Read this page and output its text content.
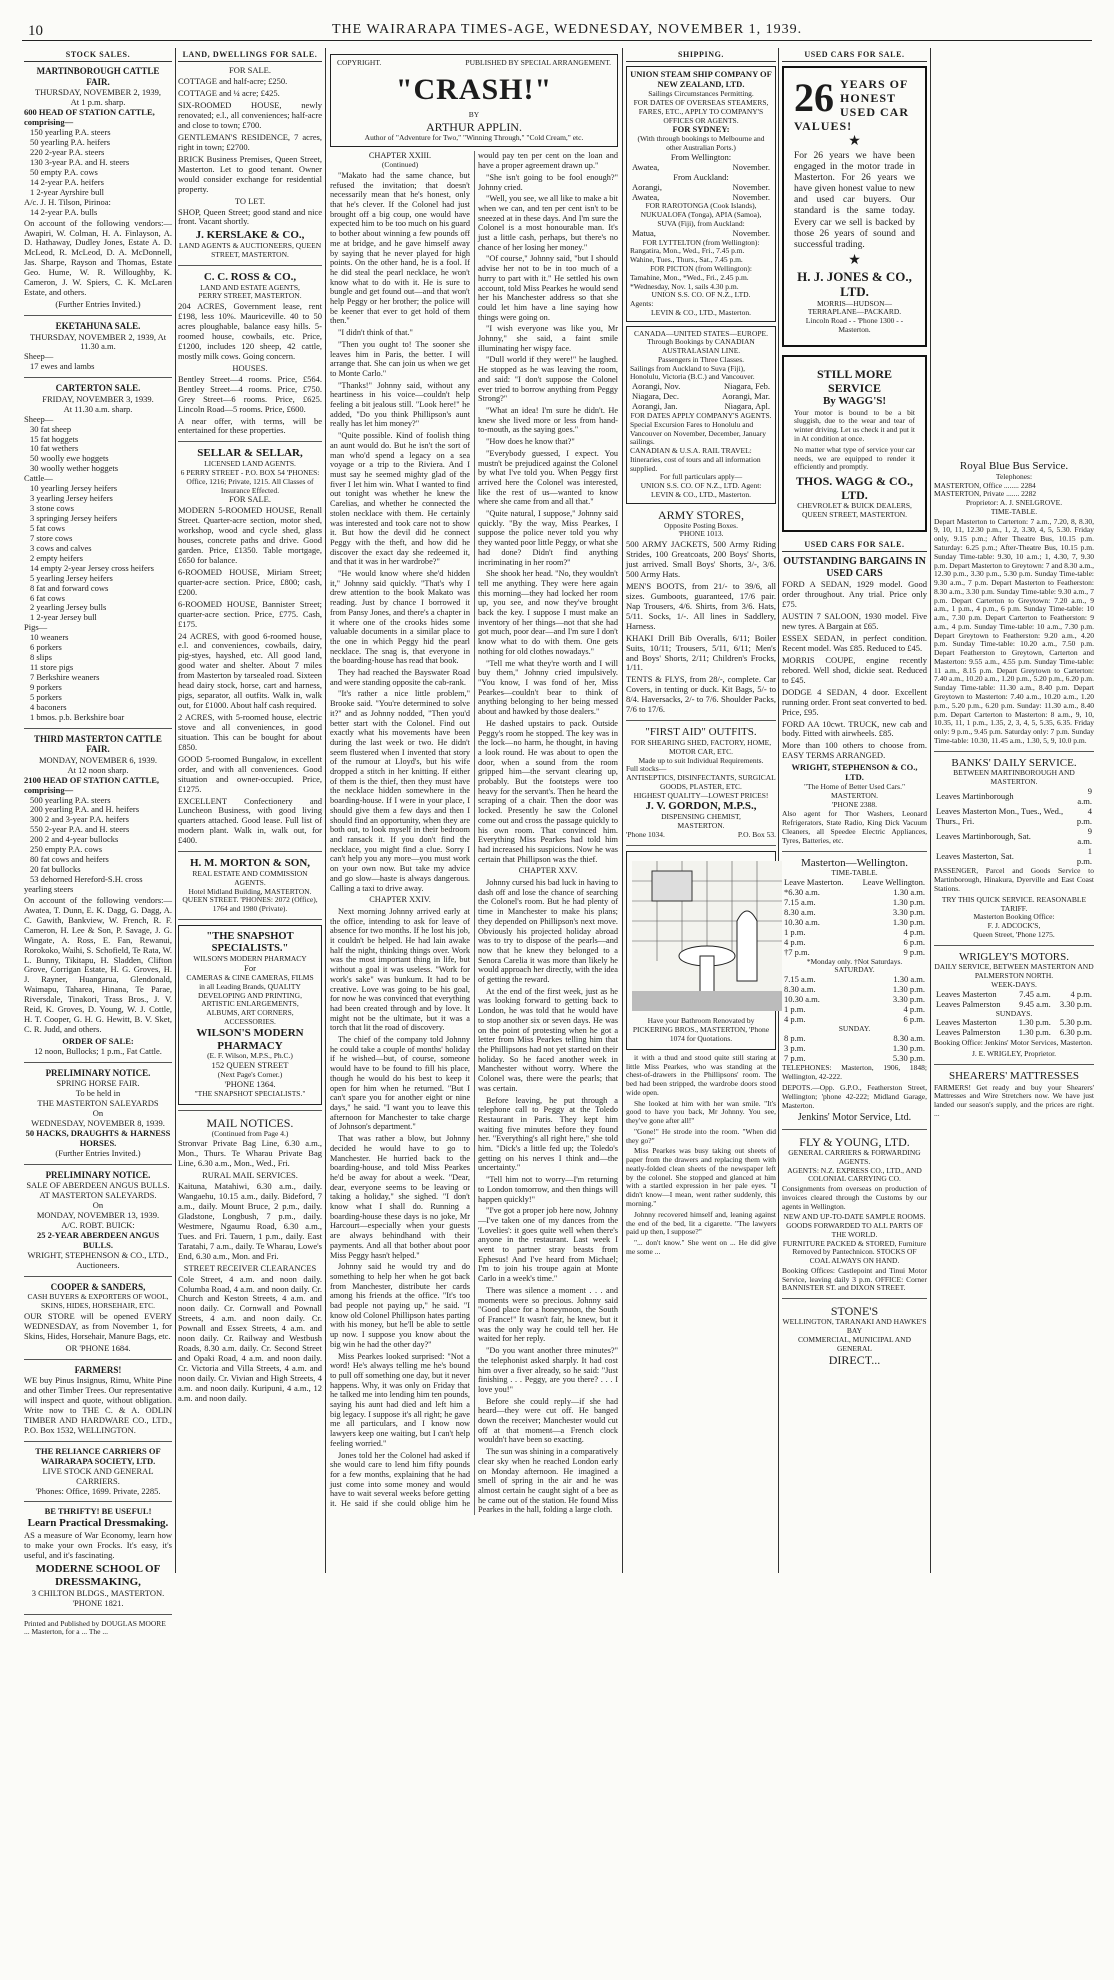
10	THE WAIRARAPA TIMES-AGE, WEDNESDAY, NOVEMBER 1, 1939.
STOCK SALES.
MARTINBOROUGH CATTLE FAIR.
THURSDAY, NOVEMBER 2, 1939,
At 1 p.m. sharp.
600 HEAD OF STATION CATTLE, comprising—
150 yearling P.A. steers
50 yearling P.A. heifers
220 2-year P.A. steers
130 3-year P.A. and H. steers
50 empty P.A. cows
14 2-year P.A. heifers
1 2-year Ayrshire bull
A/c. J. H. Tilson, Pirinoa:
14 2-year P.A. bulls

On account of the following vendors:—Awapiri, W. Colman, H. A. Finlayson, A. D. Hathaway, Dudley Jones, Estate A. D. McLeod, R. McLeod, D. A. McDonnell, Jas. Sharpe, Rayson and Thomas, Estate Geo. Hume, W. R. Willoughby, K. Cameron, J. W. Spiers, C. K. McLaren Estate, and others.

(Further Entries Invited.)
EKETAHUNA SALE.
THURSDAY, NOVEMBER 2, 1939, At 11.30 a.m.
Sheep—
17 ewes and lambs
CARTERTON SALE.
FRIDAY, NOVEMBER 3, 1939.
At 11.30 a.m. sharp.
Sheep—
30 fat sheep
15 fat hoggets
10 fat wethers
50 woolly ewe hoggets
30 woolly wether hoggets
Cattle—
10 yearling Jersey heifers
3 yearling Jersey heifers
3 stone cows
3 springing Jersey heifers
5 fat cows
7 store cows
3 cows and calves
2 empty heifers
14 empty 2-year Jersey cross heifers
5 yearling Jersey heifers
8 fat and forward cows
6 fat cows
2 yearling Jersey bulls
1 2-year Jersey bull
Pigs—
10 weaners
6 porkers
8 slips
11 store pigs
7 Berkshire weaners
9 porkers
5 porkers
4 baconers
1 bmos. p.b. Berkshire boar
THIRD MASTERTON CATTLE FAIR.
MONDAY, NOVEMBER 6, 1939.
At 12 noon sharp.
2100 HEAD OF STATION CATTLE, comprising—
500 yearling P.A. steers
200 yearling P.A. and H. heifers
300 2 and 3-year P.A. heifers
550 2-year P.A. and H. steers
200 2 and 4-year bullocks
250 empty P.A. cows
80 fat cows and heifers
20 fat bullocks
53 dehorned Hereford-S.H. cross yearling steers

On account of the following vendors:—Awatea, T. Dunn, E. K. Dagg, G. Dagg, A. C. Gawith, Bankview, W. French, R. F. Cameron, H. Lee & Son, P. Savage, J. G. Wingate, A. Ross, E. Fan, Rewanui, Rorokoko, Waihi, S. Schofield, Te Rata, W. L. Bunny, Tikitapu, H. Sladden, Clifton Grove, Corrigan Estate, H. G. Groves, H. J. Rayner, Huangarua, Glendonald, Waimapu, Taharea, Hinana, Te Parae, Riversdale, Tinakori, Trass Bros., J. V. Reid, K. Groves, D. Young, W. J. Cottle, H. T. Cooper, G. H. G. Hewitt, B. V. Sket, C. R. Judd, and others.

ORDER OF SALE:
12 noon, Bullocks; 1 p.m., Fat Cattle.
PRELIMINARY NOTICE.
SPRING HORSE FAIR.
To be held in
THE MASTERTON SALEYARDS
On
WEDNESDAY, NOVEMBER 8, 1939.
50 HACKS, DRAUGHTS & HARNESS HORSES.
(Further Entries Invited.)
PRELIMINARY NOTICE.
SALE OF ABERDEEN ANGUS BULLS.
AT MASTERTON SALEYARDS.
On
MONDAY, NOVEMBER 13, 1939.
A/C. ROBT. BUICK:
25 2-YEAR ABERDEEN ANGUS BULLS.
WRIGHT, STEPHENSON & CO., LTD., Auctioneers.
COOPER & SANDERS,
CASH BUYERS & EXPORTERS OF WOOL, SKINS, HIDES, HORSEHAIR, ETC.

OUR STORE will be opened EVERY WEDNESDAY, as from November 1, for Skins, Hides, Horsehair, Manure Bags, etc.

OR 'PHONE 1684.
FARMERS!

WE buy Pinus Insignus, Rimu, White Pine and other Timber Trees. Our representative will inspect and quote, without obligation. Write now to THE C. & A. ODLIN TIMBER AND HARDWARE CO., LTD., P.O. Box 1532, WELLINGTON.

THE RELIANCE CARRIERS OF WAIRARAPA SOCIETY, LTD.
LIVE STOCK AND GENERAL CARRIERS.
'Phones: Office, 1699. Private, 2285.
BE THRIFTY! BE USEFUL!
Learn Practical Dressmaking.

AS a measure of War Economy, learn how to make your own Frocks. It's easy, it's useful, and it's fascinating.

MODERNE SCHOOL OF DRESSMAKING,
3 CHILTON BLDGS., MASTERTON. 'PHONE 1821.
Printed and Published by DOUGLAS MOORE ... Masterton, for a ... The ...
LAND, DWELLINGS FOR SALE.
FOR SALE.

COTTAGE and half-acre; £250.

COTTAGE and ¼ acre; £425.

SIX-ROOMED HOUSE, newly renovated; e.l., all conveniences; half-acre and close to town; £700.

GENTLEMAN'S RESIDENCE, 7 acres, right in town; £2700.

BRICK Business Premises, Queen Street, Masterton. Let to good tenant. Owner would consider exchange for residential property.

TO LET.

SHOP, Queen Street; good stand and nice front. Vacant shortly.

J. KERSLAKE & CO.,
LAND AGENTS & AUCTIONEERS, QUEEN STREET, MASTERTON.
C. C. ROSS & CO.,
LAND AND ESTATE AGENTS,
PERRY STREET, MASTERTON.

204 ACRES, Government lease, rent £198, less 10%. Mauriceville. 40 to 50 acres ploughable, balance easy hills. 5-roomed house, cowbails, etc. Price, £1200, includes 120 sheep, 42 cattle, mostly milk cows. Going concern.

HOUSES.

Bentley Street—4 rooms. Price, £564. Bentley Street—4 rooms. Price, £750. Grey Street—6 rooms. Price, £625. Lincoln Road—5 rooms. Price, £600.

A near offer, with terms, will be entertained for these properties.

SELLAR & SELLAR,
LICENSED LAND AGENTS.
6 PERRY STREET - P.O. BOX 54 'PHONES: Office, 1216; Private, 1215. All Classes of Insurance Effected.
FOR SALE.

MODERN 5-ROOMED HOUSE, Renall Street. Quarter-acre section, motor shed, workshop, wood and cycle shed, glass houses, concrete paths and drive. Good garden. Price, £1350. Table mortgage, £650 for balance.

6-ROOMED HOUSE, Miriam Street; quarter-acre section. Price, £800; cash, £200.

6-ROOMED HOUSE, Bannister Street; quarter-acre section. Price, £775. Cash, £175.

24 ACRES, with good 6-roomed house, e.l. and conveniences, cowbails, dairy, pig-styes, hayshed, etc. All good land, good water and shelter. About 7 miles from Masterton by tarsealed road. Sixteen head dairy stock, horse, cart and harness, pigs, separator, all outfits. Walk in, walk out, for £1000. About half cash required.

2 ACRES, with 5-roomed house, electric stove and all conveniences, in good situation. This can be bought for about £850.

GOOD 5-roomed Bungalow, in excellent order, and with all conveniences. Good situation and owner-occupied. Price, £1275.

EXCELLENT Confectionery and Luncheon Business, with good living quarters attached. Good lease. Full list of modern plant. Walk in, walk out, for £400.

H. M. MORTON & SON,
REAL ESTATE AND COMMISSION AGENTS.
Hotel Midland Building, MASTERTON. QUEEN STREET. 'PHONES: 2072 (Office), 1764 and 1980 (Private).
"THE SNAPSHOT SPECIALISTS."
WILSON'S MODERN PHARMACY
For
CAMERAS & CINE CAMERAS, FILMS in all Leading Brands, QUALITY DEVELOPING AND PRINTING, ARTISTIC ENLARGEMENTS, ALBUMS, ART CORNERS, ACCESSORIES.
WILSON'S MODERN PHARMACY
(E. F. Wilson, M.P.S., Ph.C.)
152 QUEEN STREET
(Next Page's Corner.)
'PHONE 1364.
"THE SNAPSHOT SPECIALISTS."
MAIL NOTICES.
(Continued from Page 4.)

Stronvar Private Bag Line, 6.30 a.m., Mon., Thurs. Te Wharau Private Bag Line, 6.30 a.m., Mon., Wed., Fri.

RURAL MAIL SERVICES.

Kaituna, Matahiwi, 6.30 a.m., daily. Wangaehu, 10.15 a.m., daily. Bideford, 7 a.m., daily. Mount Bruce, 2 p.m., daily. Gladstone, Longbush, 7 p.m., daily. Westmere, Ngaumu Road, 6.30 a.m., Tues. and Fri. Tauern, 1 p.m., daily. East Taratahi, 7 a.m., daily. Te Wharau, Lowe's End, 6.30 a.m., Mon. and Fri.

STREET RECEIVER CLEARANCES

Cole Street, 4 a.m. and noon daily. Columba Road, 4 a.m. and noon daily. Cr. Church and Keston Streets, 4 a.m. and noon daily. Cr. Cornwall and Pownall Streets, 4 a.m. and noon daily. Cr. Pownall and Essex Streets, 4 a.m. and noon daily. Cr. Railway and Westbush Roads, 8.30 a.m. daily. Cr. Second Street and Opaki Road, 4 a.m. and noon daily. Cr. Victoria and Villa Streets, 4 a.m. and noon daily. Cr. Vivian and High Streets, 4 a.m. and noon daily. Kuripuni, 4 a.m., 12 a.m. and noon daily.

COPYRIGHT.	PUBLISHED BY SPECIAL ARRANGEMENT.
"CRASH!"
BY
ARTHUR APPLIN.
Author of "Adventure for Two," "Winning Through," "Cold Cream," etc.
CHAPTER XXIII.
(Continued)

"Makato had the same chance, but refused the invitation; that doesn't necessarily mean that he's honest, only that he's clever. If the Colonel had just brought off a big coup, one would have expected him to be too much on his guard to bother about winning a few pounds off me at bridge, and he gave himself away by saying that he never played for high points. On the other hand, he is a fool. If he did steal the pearl necklace, he won't know what to do with it. He is sure to bungle and get found out—and that won't help Peggy or her brother; the police will be keener that ever to get hold of them then."

"I didn't think of that."

"Then you ought to! The sooner she leaves him in Paris, the better. I will arrange that. She can join us when we get to Monte Carlo."

"Thanks!" Johnny said, without any heartiness in his voice—couldn't help feeling a bit jealous still. "Look here!" he added, "Do you think Phillipson's aunt really has let him money?"

"Quite possible. Kind of foolish thing an aunt would do. But he isn't the sort of man who'd spend a legacy on a sea voyage or a trip to the Riviera. And I must say he seemed mighty glad of the fiver I let him win. What I wanted to find out tonight was whether he knew the Carelias, and whether he connected the stolen necklace with them. He certainly was interested and took care not to show it. But how the devil did he connect Peggy with the theft, and how did he discover the exact day she redeemed it, and that it was in her wardrobe?"

"He would know where she'd hidden it," Johnny said quickly. "That's why I drew attention to the book Makato was reading. Just by chance I borrowed it from Pansy Jones, and there's a chapter in it where one of the crooks hides some valuable documents in a similar place to the one in which Peggy hid the pearl necklace. The snag is, that everyone in the boarding-house has read that book.

They had reached the Bayswater Road and were standing opposite the cab-rank.

"It's rather a nice little problem," Brooke said. "You're determined to solve it?" and as Johnny nodded, "Then you'd better start with the Colonel. Find out exactly what his movements have been during the last week or two. He didn't seem flustered when I invented that story of the rumour at Lloyd's, but his wife dropped a stitch in her knitting. If either of them is the thief, then they must have the necklace hidden somewhere in the boarding-house. If I were in your place, I should give them a few days and then I should find an opportunity, when they are both out, to look myself in their bedroom and ransack it. If you don't find the necklace, you might find a clue. Sorry I can't help you any more—you must work on your own now. But take my advice and go slow—haste is always dangerous. Calling a taxi to drive away.

CHAPTER XXIV.

Next morning Johnny arrived early at the office, intending to ask for leave of absence for two months. If he lost his job, it couldn't be helped. He had lain awake half the night, thinking things over. Work was the most important thing in life, but without a goal it was useless. "Work for work's sake" was bunkum. It had to be creative. Love was going to be his goal, for now he was convinced that everything had been created through and by love. It might not be the ultimate, but it was a torch that lit the road of discovery.

The chief of the company told Johnny he could take a couple of months' holiday if he wished—but, of course, someone would have to be found to fill his place, though he would do his best to keep it open for him when he returned. "But I can't spare you for another eight or nine days," he said. "I want you to leave this afternoon for Manchester to take charge of Johnson's department."

That was rather a blow, but Johnny decided he would have to go to Manchester. He hurried back to the boarding-house, and told Miss Pearkes he'd be away for about a week. "Dear, dear, everyone seems to be leaving or taking a holiday," she sighed. "I don't know what I shall do. Running a boarding-house these days is no joke, Mr Harcourt—especially when your guests are always behindhand with their payments. And all that bother about poor Miss Peggy hasn't helped."

Johnny said he would try and do something to help her when he got back from Manchester, distribute her cards among his friends at the office. "It's too bad people not paying up," he said. "I know old Colonel Phillipson hates parting with his money, but he'll be able to settle up now. I suppose you know about the big win he had the other day?"

Miss Pearkes looked surprised: "Not a word! He's always telling me he's bound to pull off something one day, but it never happens. Why, it was only on Friday that he talked me into lending him ten pounds, saying his aunt had died and left him a big legacy. I suppose it's all right; he gave me all particulars, and I know now lawyers keep one waiting, but I can't help feeling worried."

Jones told her the Colonel had asked if she would care to lend him fifty pounds for a few months, explaining that he had just come into some money and would have to wait several weeks before getting it. He said if she could oblige him he would pay ten per cent on the loan and have a proper agreement drawn up."

"She isn't going to be fool enough?" Johnny cried.

"Well, you see, we all like to make a bit when we can, and ten per cent isn't to be sneezed at in these days. And I'm sure the Colonel is a most honourable man. It's just a little cash, perhaps, but there's no chance of her losing her money."

"Of course," Johnny said, "but I should advise her not to be in too much of a hurry to part with it." He settled his own account, told Miss Pearkes he would send her his Manchester address so that she could let him have a line saying how things were going on.

"I wish everyone was like you, Mr Johnny," she said, a faint smile illuminating her wispy face.

"Dull world if they were!" he laughed. He stopped as he was leaving the room, and said: "I don't suppose the Colonel ever tried to borrow anything from Peggy Strong?"

"What an idea! I'm sure he didn't. He knew she lived more or less from hand-to-mouth, as the saying goes."

"How does he know that?"

"Everybody guessed, I expect. You mustn't be prejudiced against the Colonel by what I've told you. When Peggy first arrived here the Colonel was interested, like the rest of us—wanted to know where she came from and all that."

"Quite natural, I suppose," Johnny said quickly. "By the way, Miss Pearkes, I suppose the police never told you why they wanted poor little Peggy, or what she had done? Didn't find anything incriminating in her room?"

She shook her head. "No, they wouldn't tell me anything. They were here again this morning—they had locked her room up, you see, and now they've brought back the key. I suppose I must make an inventory of her things—not that she had got much, poor dear—and I'm sure I don't know what to do with them. One gets nothing for old clothes nowadays."

"Tell me what they're worth and I will buy them," Johnny cried impulsively. "You know, I was fond of her, Miss Pearkes—couldn't bear to think of anything belonging to her being messed about and hawked by those dealers."

He dashed upstairs to pack. Outside Peggy's room he stopped. The key was in the lock—no harm, he thought, in having a look round. He was about to open the door, when a sound from the room gripped him—the servant clearing up, probably. But the footsteps were too heavy for the servant's. Then he heard the scraping of a chair. Then the door was locked. Presently he saw the Colonel come out and cross the passage quickly to his own room. That convinced him. Everything Miss Pearkes had told him had increased his suspicions. Now he was certain that Phillipson was the thief.

CHAPTER XXV.

Johnny cursed his bad luck in having to dash off and lose the chance of searching the Colonel's room. But he had plenty of time in Manchester to make his plans; they depended on Phillipson's next move. Obviously his projected holiday abroad was to try to dispose of the pearls—and now that he knew they belonged to a Senora Carelia it was more than likely he would approach her directly, with the idea of getting the reward.

At the end of the first week, just as he was looking forward to getting back to London, he was told that he would have to stop another six or seven days. He was on the point of protesting when he got a letter from Miss Pearkes telling him that the Phillipsons had not yet started on their holiday. So he faced another week in Manchester without worry. Where the Colonel was, there were the pearls; that was certain.

Before leaving, he put through a telephone call to Peggy at the Toledo Restaurant in Paris. They kept him waiting five minutes before they found her. "Everything's all right here," she told him. "Dick's a little fed up; the Toledo's getting on his nerves I think and—the uncertainty."

"Tell him not to worry—I'm returning to London tomorrow, and then things will happen quickly!"

"I've got a proper job here now, Johnny—I've taken one of my dances from the 'Lovelies': it goes quite well when there's anyone in the restaurant. Last week I went to partner stray beasts from Ephesus! And I've heard from Michael; I'm to join his troupe again at Monte Carlo in a week's time."

There was silence a moment . . . and moments were so precious. Johnny said "Good place for a honeymoon, the South of France!" It wasn't fair, he knew, but it was the only way he could tell her. He waited for her reply.

"Do you want another three minutes?" the telephonist asked sharply. It had cost him over a fiver already, so he said: "Just finishing . . . Peggy, are you there? . . . I love you!"

Before she could reply—if she had heard—they were cut off. He banged down the receiver; Manchester would cut off at that moment—a French clock wouldn't have been so exacting.

The sun was shining in a comparatively clear sky when he reached London early on Monday afternoon. He imagined a smell of spring in the air and he was almost certain he caught sight of a bee as he came out of the station. He found Miss Pearkes in the hall, folding a large cloth.

SHIPPING.
UNION STEAM SHIP COMPANY OF NEW ZEALAND, LTD.
Sailings Circumstances Permitting.
FOR DATES OF OVERSEAS STEAMERS, FARES, ETC., APPLY TO COMPANY'S OFFICES OR AGENTS.
FOR SYDNEY:
(With through bookings to Melbourne and other Australian Ports.)
From Wellington:
Awatea,	November.
From Auckland:
Aorangi,	November.
Awatea,	November.
FOR RAROTONGA (Cook Islands), NUKUALOFA (Tonga), APIA (Samoa), SUVA (Fiji), from Auckland:
Matua,	November.
FOR LYTTELTON (from Wellington):
Rangatira, Mon., Wed., Fri., 7.45 p.m.
Wahine, Tues., Thurs., Sat., 7.45 p.m.
FOR PICTON (from Wellington):
Tamahine, Mon., *Wed., Fri., 2.45 p.m.
*Wednesday, Nov. 1, sails 4.30 p.m.
UNION S.S. CO. OF N.Z., LTD.
Agents:
LEVIN & CO., LTD., Masterton.
CANADA—UNITED STATES—EUROPE.
Through Bookings by CANADIAN AUSTRALASIAN LINE.
Passengers in Three Classes.
Sailings from Auckland to Suva (Fiji), Honolulu, Victoria (B.C.) and Vancouver.
Aorangi, Nov.	Niagara, Feb.
Niagara, Dec.	Aorangi, Mar.
Aorangi, Jan.	Niagara, Apl.
FOR DATES APPLY COMPANY'S AGENTS.
Special Excursion Fares to Honolulu and Vancouver on November, December, January sailings.
CANADIAN & U.S.A. RAIL TRAVEL: Itineraries, cost of tours and all information supplied.
For full particulars apply—
UNION S.S. CO. OF N.Z., LTD. Agent: LEVIN & CO., LTD., Masterton.
ARMY STORES,
Opposite Posting Boxes.
'PHONE 1013.

500 ARMY JACKETS, 500 Army Riding Strides, 100 Greatcoats, 200 Boys' Shorts, just arrived. Small Boys' Shorts, 3/-, 3/6. 500 Army Hats.

MEN'S BOOTS, from 21/- to 39/6, all sizes. Gumboots, guaranteed, 17/6 pair. Nap Trousers, 4/6. Shirts, from 3/6. Hats, 5/11. Socks, 1/-. All lines in Saddlery, Harness.

KHAKI Drill Bib Overalls, 6/11; Boiler Suits, 10/11; Trousers, 5/11, 6/11; Men's and Boys' Shorts, 2/11; Children's Frocks, 1/11.

TENTS & FLYS, from 28/-, complete. Car Covers, in tenting or duck. Kit Bags, 5/- to 8/4. Haversacks, 2/- to 7/6. Shoulder Packs, 7/6 to 17/6.

"FIRST AID" OUTFITS.
FOR SHEARING SHED, FACTORY, HOME, MOTOR CAR, ETC.
Made up to suit Individual Requirements.
Full stocks—
ANTISEPTICS, DISINFECTANTS, SURGICAL GOODS, PLASTER, ETC.
HIGHEST QUALITY—LOWEST PRICES!
J. V. GORDON, M.P.S.,
DISPENSING CHEMIST,
MASTERTON.
'Phone 1034.	P.O. Box 53.
Have your Bathroom Renovated by PICKERING BROS., MASTERTON, 'Phone 1074 for Quotations.

it with a thud and stood quite still staring at little Miss Pearkes, who was standing at the chest-of-drawers in the Phillipsons' room. The bed had been stripped, the wardrobe doors stood wide open.

She looked at him with her wan smile. "It's good to have you back, Mr Johnny. You see, they've gone after all!"

"Gone!" He strode into the room. "When did they go?"

Miss Pearkes was busy taking out sheets of paper from the drawers and replacing them with neatly-folded clean sheets of the newspaper left by the colonel. She stopped and glanced at him with a startled expression in her pale eyes. "I didn't know—I mean, went rather suddenly, this morning."

Johnny recovered himself and, leaning against the end of the bed, lit a cigarette. "The lawyers paid up then, I suppose?"

"... don't know." She went on ... He did give me some ...

USED CARS FOR SALE.
26 YEARS OF HONEST
USED CAR VALUES!
★

For 26 years we have been engaged in the motor trade in Masterton. For 26 years we have given honest value to new and used car buyers. Our standard is the same today. Every car we sell is backed by those 26 years of sound and successful trading.

★
H. J. JONES & CO., LTD.
MORRIS—HUDSON—TERRAPLANE—PACKARD.
Lincoln Road - - 'Phone 1300 - - Masterton.
STILL MORE SERVICE
By WAGG'S!

Your motor is bound to be a bit sluggish, due to the wear and tear of winter driving. Let us check it and put it in At condition at once.

No matter what type of service your car needs, we are equipped to render it efficiently and promptly.

THOS. WAGG & CO., LTD.
CHEVROLET & BUICK DEALERS,
QUEEN STREET, MASTERTON.
USED CARS FOR SALE.
OUTSTANDING BARGAINS IN USED CARS

FORD A SEDAN, 1929 model. Good order throughout. Any trial. Price only £75.

AUSTIN 7 SALOON, 1930 model. Five new tyres. A Bargain at £65.

ESSEX SEDAN, in perfect condition. Recent model. Was £85. Reduced to £45.

MORRIS COUPE, engine recently rebored. Well shod, dickie seat. Reduced to £45.

DODGE 4 SEDAN, 4 door. Excellent running order. Front seat converted to bed. Price, £95.

FORD AA 10cwt. TRUCK, new cab and body. Fitted with airwheels. £85.

More than 100 others to choose from. EASY TERMS ARRANGED.

WRIGHT, STEPHENSON & CO., LTD.
"The Home of Better Used Cars."
MASTERTON.
'PHONE 2388.

Also agent for Thor Washers, Leonard Refrigerators, State Radio, King Dick Vacuum Cleaners, all Speedee Electric Appliances, Tyres, Batteries, etc.

Masterton—Wellington.
TIME-TABLE.
Leave Masterton.	Leave Wellington.
*6.30 a.m.	1.30 a.m.
7.15 a.m.	1.30 p.m.
8.30 a.m.	3.30 p.m.
10.30 a.m.	1.30 p.m.
1 p.m.	4 p.m.
4 p.m.	6 p.m.
†7 p.m.	9 p.m.
*Monday only. †Not Saturdays.
SATURDAY.
7.15 a.m.	1.30 a.m.
8.30 a.m.	1.30 p.m.
10.30 a.m.	3.30 p.m.
1 p.m.	4 p.m.
4 p.m.	6 p.m.
SUNDAY.
8 p.m.	8.30 a.m.
3 p.m.	1.30 p.m.
7 p.m.	5.30 p.m.

TELEPHONES: Masterton, 1906, 1848; Wellington, 42-222.

DEPOTS.—Opp. G.P.O., Featherston Street, Wellington; 'phone 42-222; Midland Garage, Masterton.

Jenkins' Motor Service, Ltd.
FLY & YOUNG, LTD.
GENERAL CARRIERS & FORWARDING AGENTS.
AGENTS: N.Z. EXPRESS CO., LTD., AND COLONIAL CARRYING CO.

Consignments from overseas on production of invoices cleared through the Customs by our agents in Wellington.

NEW AND UP-TO-DATE SAMPLE ROOMS.
GOODS FORWARDED TO ALL PARTS OF THE WORLD.
FURNITURE PACKED & STORED, Furniture Removed by Pantechnicon. STOCKS OF COAL ALWAYS ON HAND.

Booking Offices: Castlepoint and Tinui Motor Service, leaving daily 3 p.m. OFFICE: Corner BANNISTER ST. and DIXON STREET.

STONE'S
WELLINGTON, TARANAKI AND HAWKE'S BAY
COMMERCIAL, MUNICIPAL AND GENERAL
DIRECT...
Royal Blue Bus Service.
Telephones:
MASTERTON, Office ........ 2284
MASTERTON, Private ....... 2282
Proprietor: A. J. SNELGROVE.
TIME-TABLE.

Depart Masterton to Carterton: 7 a.m., 7.20, 8, 8.30, 9, 10, 11, 12.30 p.m., 1, 2, 3.30, 4, 5, 5.30. Friday only, 9.15 p.m.; After Theatre Bus, 10.15 p.m. Saturday: 6.25 p.m.; After-Theatre Bus, 10.15 p.m. Sunday Time-table: 9.30, 10 a.m.; 1, 4.30, 7, 9.30 p.m. Depart Masterton to Greytown: 7 and 8.30 a.m., 12.30 p.m., 3.30 p.m., 5.30 p.m. Sunday Time-table: 9.30 a.m., 7 p.m. Depart Masterton to Featherston: 8.30 a.m., 3.30 p.m. Sunday Time-table: 9.30 a.m., 7 p.m. Depart Carterton to Greytown: 7.20 a.m., 9 a.m., 1 p.m., 4 p.m., 6 p.m. Sunday Time-table: 10 a.m., 7.30 p.m. Depart Carterton to Featherston: 9 a.m., 4 p.m. Sunday Time-table: 10 a.m., 7.30 p.m. Depart Greytown to Featherston: 9.20 a.m., 4.20 p.m. Sunday Time-table: 10.20 a.m., 7.50 p.m. Depart Featherston to Greytown, Carterton and Masterton: 9.55 a.m., 4.55 p.m. Sunday Time-table: 11 a.m., 8.15 p.m. Depart Greytown to Carterton: 7.40 a.m., 10.20 a.m., 1.20 p.m., 5.20 p.m., 6.20 p.m. Sunday Time-table: 11.30 a.m., 8.40 p.m. Depart Greytown to Masterton: 7.40 a.m., 10.20 a.m., 1.20 p.m., 5.20 p.m., 6.20 p.m. Sunday: 11.30 a.m., 8.40 p.m. Depart Carterton to Masterton: 8 a.m., 9, 10, 10.35, 11, 1 p.m., 1.35, 2, 3, 4, 5, 5.35, 6.35. Friday only: 9 p.m., 9.45 p.m. Saturday only: 7 p.m. Sunday Time-table: 10.30, 11.45 a.m., 1.30, 5, 9, 10.0 p.m.

BANKS' DAILY SERVICE.
BETWEEN MARTINBOROUGH AND MASTERTON.
Leaves Martinborough	9 a.m.
Leaves Masterton Mon., Tues., Wed., Thurs., Fri.	4 p.m.
Leaves Martinborough, Sat.	9 a.m.
Leaves Masterton, Sat.	1 p.m.

PASSENGER, Parcel and Goods Service to Martinborough, Hinakura, Dyerville and East Coast Stations.

TRY THIS QUICK SERVICE. REASONABLE TARIFF.
Masterton Booking Office:
F. J. ADCOCK'S,
Queen Street, 'Phone 1275.
WRIGLEY'S MOTORS.
DAILY SERVICE, BETWEEN MASTERTON AND PALMERSTON NORTH.
WEEK-DAYS.
Leaves Masterton	7.45 a.m.	4 p.m.
Leaves Palmerston	9.45 a.m.	3.30 p.m.
SUNDAYS.
Leaves Masterton	1.30 p.m.	5.30 p.m.
Leaves Palmerston	1.30 p.m.	6.30 p.m.

Booking Office: Jenkins' Motor Services, Masterton.

J. E. WRIGLEY, Proprietor.
SHEARERS' MATTRESSES

FARMERS! Get ready and buy your Shearers' Mattresses and Wire Stretchers now. We have just landed our season's supply, and the prices are right. ...
